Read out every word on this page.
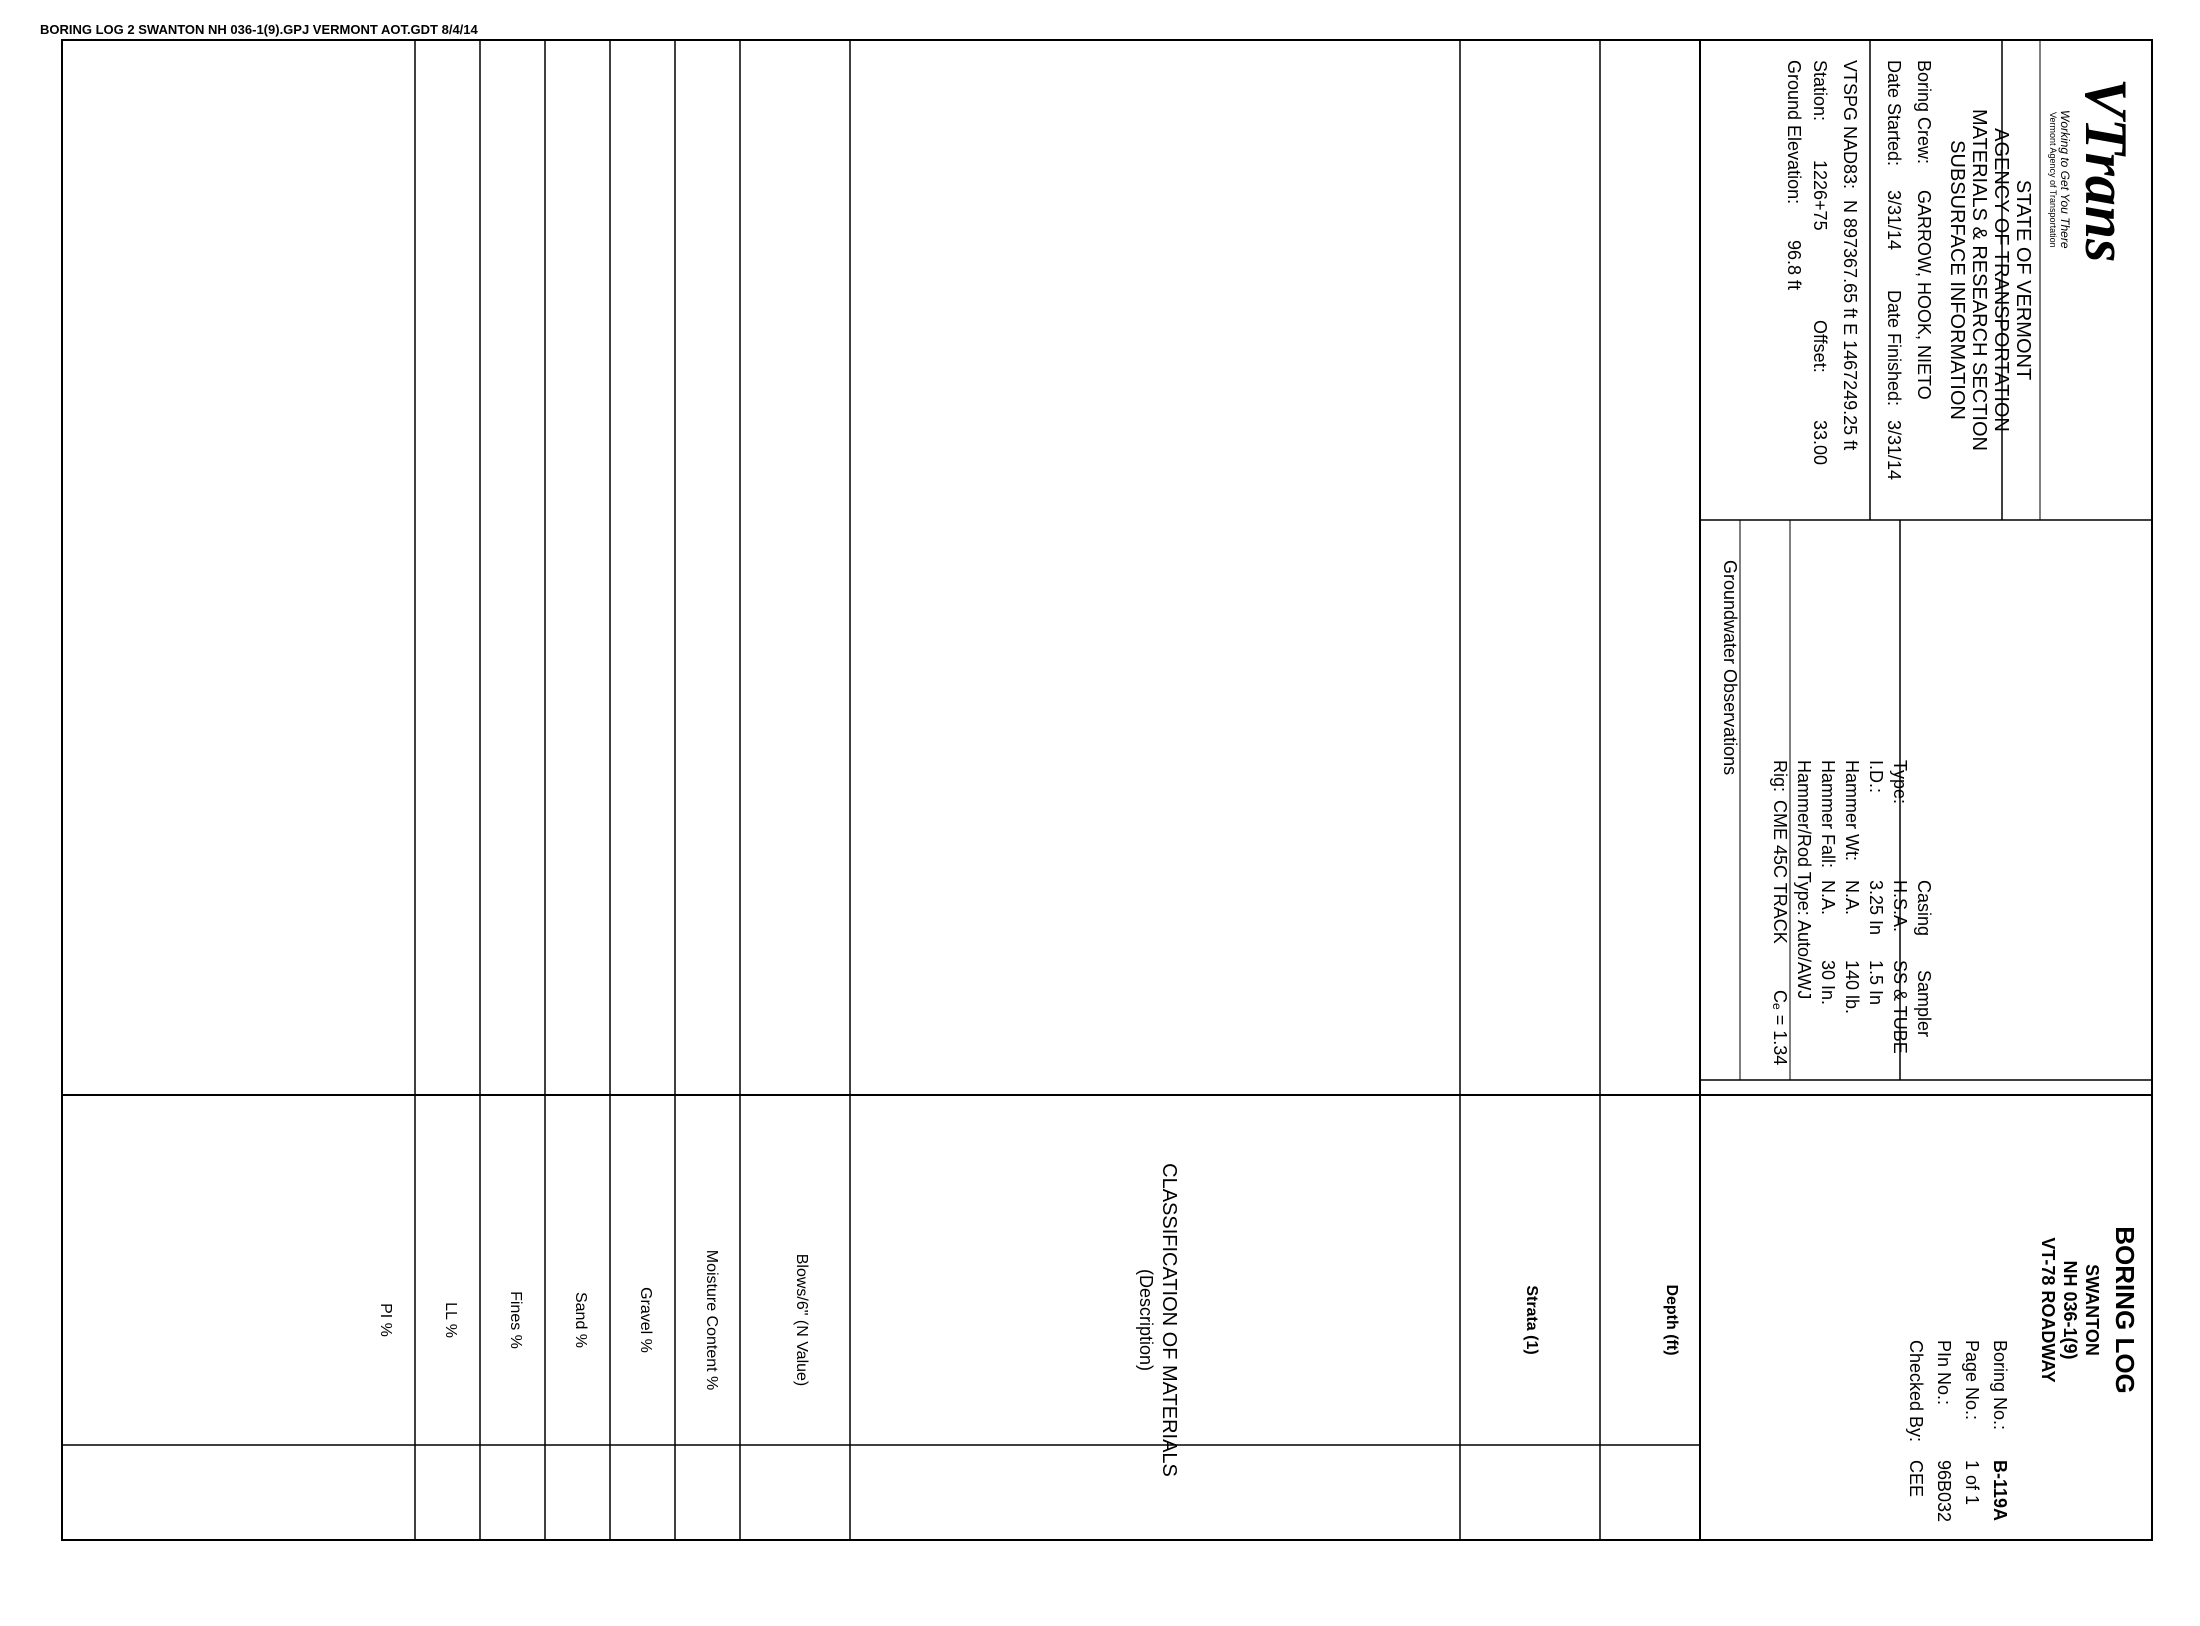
BORING LOG 2 SWANTON NH 036-1(9).GPJ VERMONT AOT.GDT 8/4/14
VTrans
Working to Get You There
Vermont Agency of Transportation
STATE OF VERMONT
AGENCY OF TRANSPORTATION
MATERIALS & RESEARCH SECTION
SUBSURFACE INFORMATION
Boring Crew:
GARROW, HOOK, NIETO
Date Started:
3/31/14
Date Finished:
3/31/14
VTSPG NAD83:
N 897367.65 ft E 1467249.25 ft
Station:
1226+75
Offset:
33.00
Ground Elevation:
96.8 ft
BORING LOG
SWANTON
NH 036-1(9)
VT-78 ROADWAY
Boring No.:
B-119A
Page No.:
1 of 1
PIn No.:
96B032
Checked By:
CEE
Casing
Sampler
Type:
H.S.A.
SS & TUBE
I.D.:
3.25 In
1.5 In
Hammer Wt:
N.A.
140 lb.
Hammer Fall:
N.A.
30 In.
Hammer/Rod Type:
Auto/AWJ
Rig:
CME 45C TRACK
Cₑ = 1.34
Groundwater Observations
Depth (ft)
Strata (1)
CLASSIFICATION OF MATERIALS
(Description)
Blows/6" (N Value)
Moisture Content %
Gravel %
Sand %
Fines %
LL %
PI %
